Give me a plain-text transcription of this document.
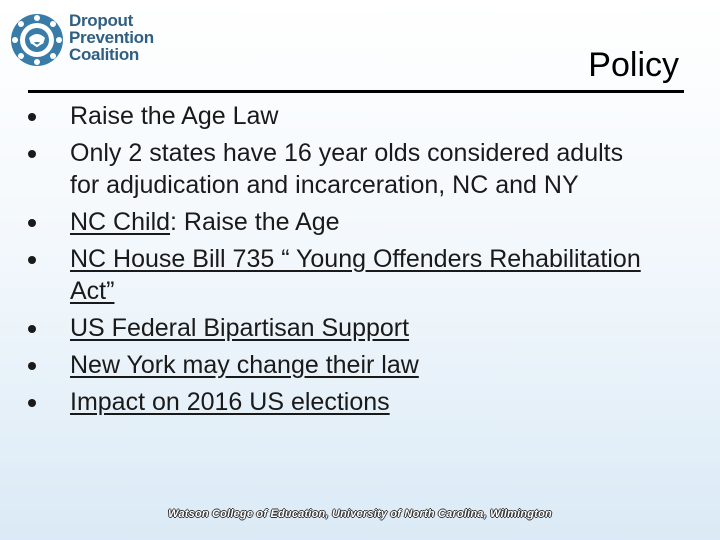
Dropout
Prevention
Coalition	Policy
Raise the Age Law
Only 2 states have 16 year olds considered adults for adjudication and incarceration, NC and NY
NC Child: Raise the Age
NC House Bill 735 “ Young Offenders Rehabilitation Act”
US Federal Bipartisan Support
New York may change their law
Impact on 2016 US elections
Watson College of Education, University of North Carolina, Wilmington
